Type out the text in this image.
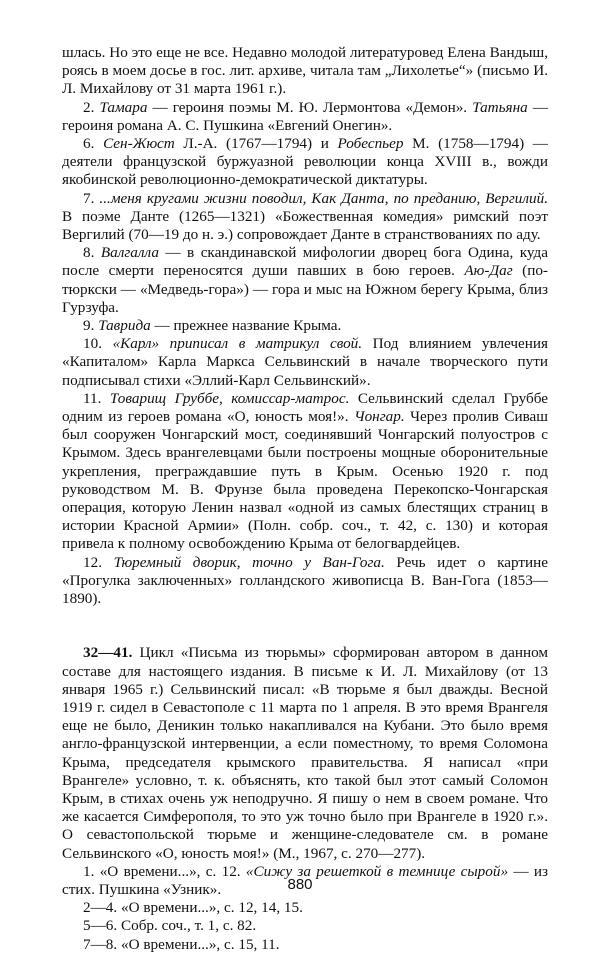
шлась. Но это еще не все. Недавно молодой литературовед Елена Вандыш, роясь в моем досье в гос. лит. архиве, читала там „Лихолетье“» (письмо И. Л. Михайлову от 31 марта 1961 г.).

2. Тамара — героиня поэмы М. Ю. Лермонтова «Демон». Татьяна — героиня романа А. С. Пушкина «Евгений Онегин».

6. Сен-Жюст Л.-А. (1767—1794) и Робеспьер М. (1758—1794) — деятели французской буржуазной революции конца XVIII в., вожди якобинской революционно-демократической диктатуры.

7. ...меня кругами жизни поводил, Как Данта, по преданию, Вергилий. В поэме Данте (1265—1321) «Божественная комедия» римский поэт Вергилий (70—19 до н. э.) сопровождает Данте в странствованиях по аду.

8. Валгалла — в скандинавской мифологии дворец бога Одина, куда после смерти переносятся души павших в бою героев. Аю-Даг (по-тюркски — «Медведь-гора») — гора и мыс на Южном берегу Крыма, близ Гурзуфа.

9. Таврида — прежнее название Крыма.

10. «Карл» приписал в матрикул свой. Под влиянием увлечения «Капиталом» Карла Маркса Сельвинский в начале творческого пути подписывал стихи «Эллий-Карл Сельвинский».

11. Товарищ Груббе, комиссар-матрос. Сельвинский сделал Груббе одним из героев романа «О, юность моя!». Чонгар. Через пролив Сиваш был сооружен Чонгарский мост, соединявший Чонгарский полуостров с Крымом. Здесь врангелевцами были построены мощные оборонительные укрепления, преграждавшие путь в Крым. Осенью 1920 г. под руководством М. В. Фрунзе была проведена Перекопско-Чонгарская операция, которую Ленин назвал «одной из самых блестящих страниц в истории Красной Армии» (Полн. собр. соч., т. 42, с. 130) и которая привела к полному освобождению Крыма от белогвардейцев.

12. Тюремный дворик, точно у Ван-Гога. Речь идет о картине «Прогулка заключенных» голландского живописца В. Ван-Гога (1853—1890).

32—41. Цикл «Письма из тюрьмы» сформирован автором в данном составе для настоящего издания. В письме к И. Л. Михайлову (от 13 января 1965 г.) Сельвинский писал: «В тюрьме я был дважды. Весной 1919 г. сидел в Севастополе с 11 марта по 1 апреля. В это время Врангеля еще не было, Деникин только накапливался на Кубани. Это было время англо-французской интервенции, а если поместному, то время Соломона Крыма, председателя крымского правительства. Я написал «при Врангеле» условно, т. к. объяснять, кто такой был этот самый Соломон Крым, в стихах очень уж неподручно. Я пишу о нем в своем романе. Что же касается Симферополя, то это уж точно было при Врангеле в 1920 г.». О севастопольской тюрьме и женщине-следователе см. в романе Сельвинского «О, юность моя!» (М., 1967, с. 270—277).

1. «О времени...», с. 12. «Сижу за решеткой в темнице сырой» — из стих. Пушкина «Узник».

2—4. «О времени...», с. 12, 14, 15.

5—6. Собр. соч., т. 1, с. 82.

7—8. «О времени...», с. 15, 11.

880
